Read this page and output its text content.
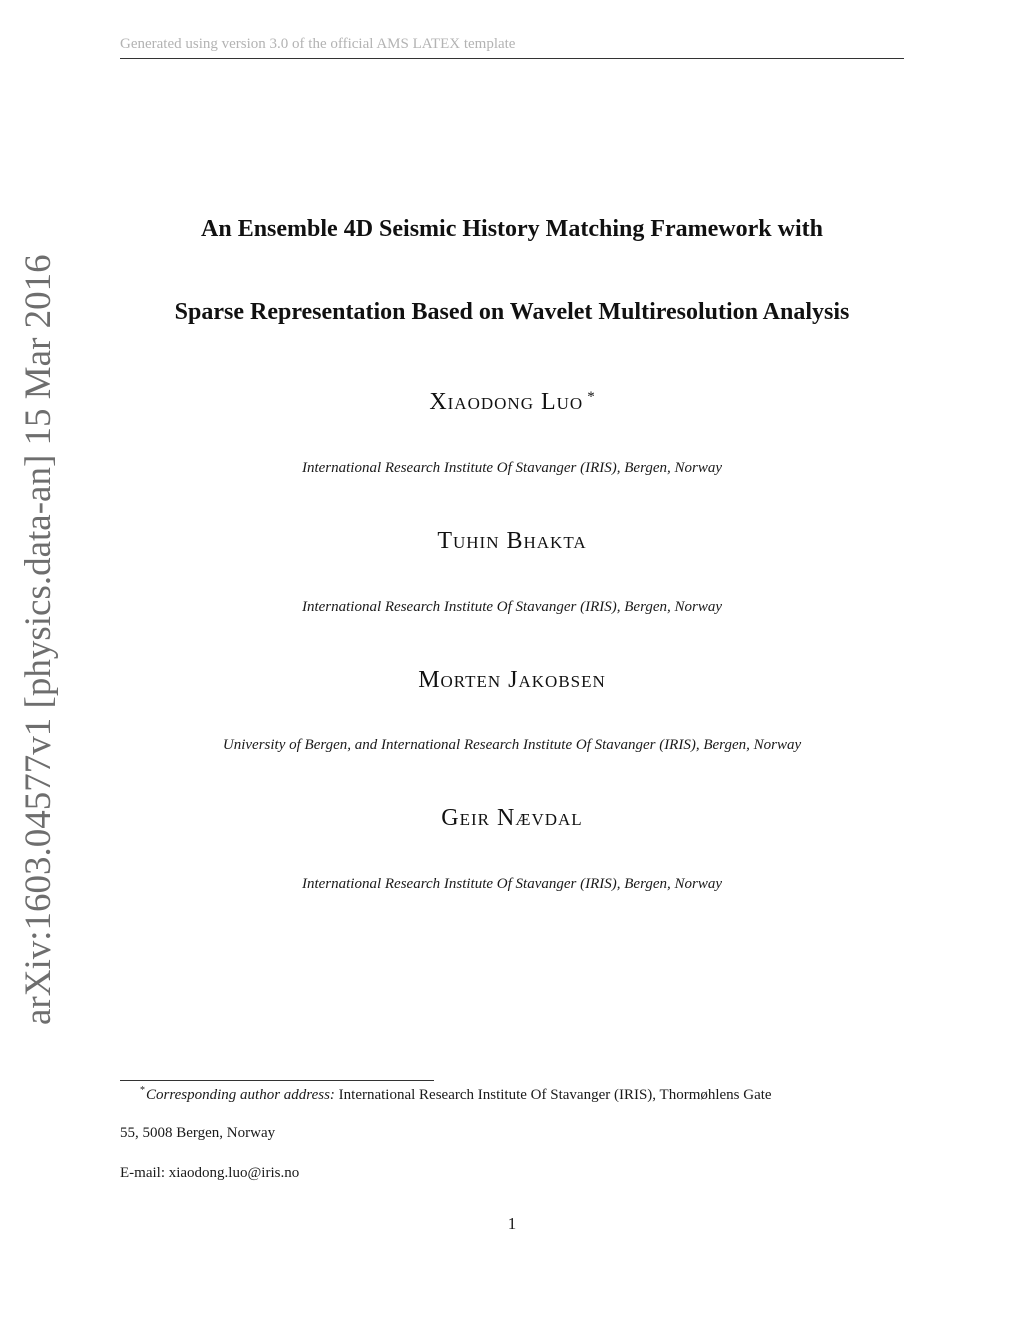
Generated using version 3.0 of the official AMS LATEX template
arXiv:1603.04577v1 [physics.data-an] 15 Mar 2016
An Ensemble 4D Seismic History Matching Framework with
Sparse Representation Based on Wavelet Multiresolution Analysis
Xiaodong Luo *
International Research Institute Of Stavanger (IRIS), Bergen, Norway
Tuhin Bhakta
International Research Institute Of Stavanger (IRIS), Bergen, Norway
Morten Jakobsen
University of Bergen, and International Research Institute Of Stavanger (IRIS), Bergen, Norway
Geir Nævdal
International Research Institute Of Stavanger (IRIS), Bergen, Norway
*Corresponding author address: International Research Institute Of Stavanger (IRIS), Thormøhlens Gate
55, 5008 Bergen, Norway
E-mail: xiaodong.luo@iris.no
1
